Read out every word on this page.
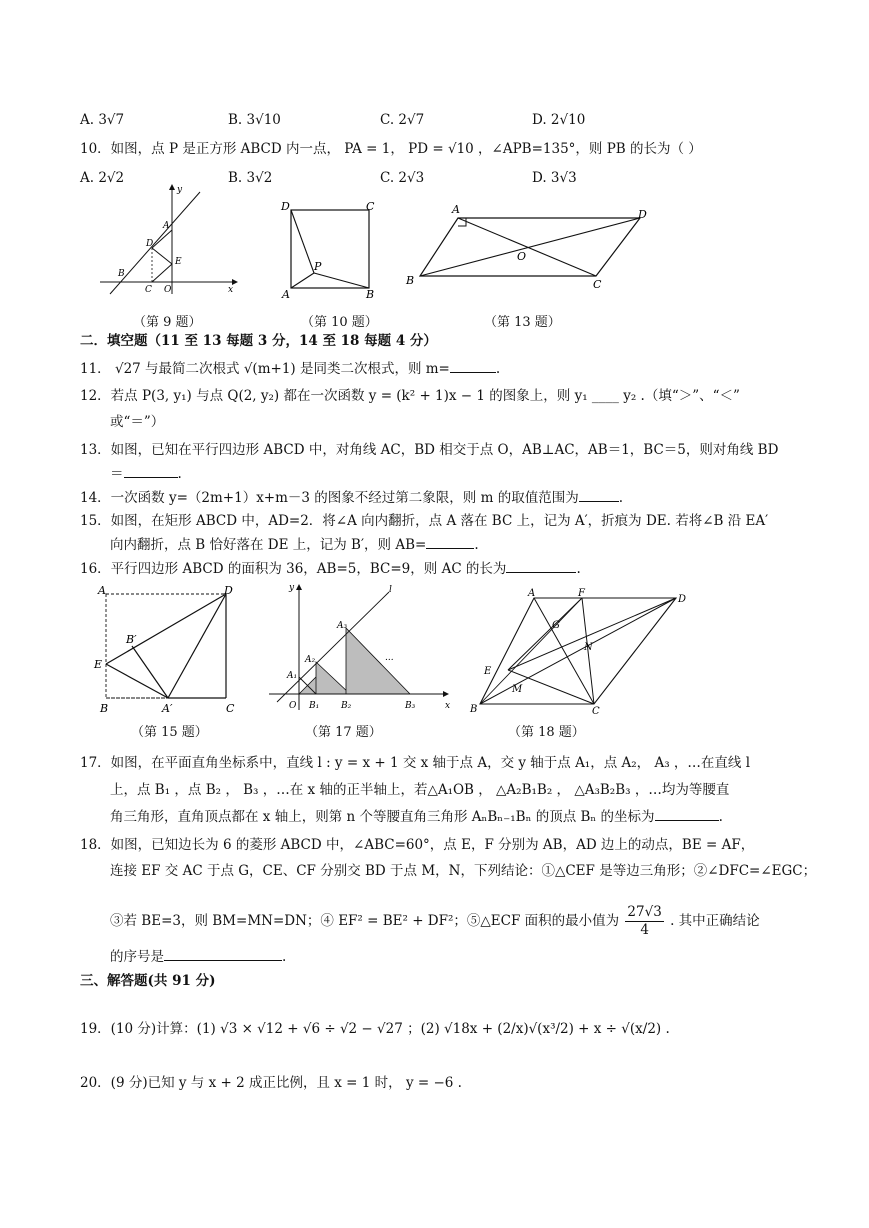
A. 3√7	B. 3√10	C. 2√7	D. 2√10
10．如图，点 P 是正方形 ABCD 内一点， PA = 1， PD = √10 ，∠APB=135°，则 PB 的长为（ ）
A. 2√2	B. 3√2	C. 2√3	D. 3√3
y
x
A
D
E
B
C O
（第 9 题）
D	C
A	B
P
（第 10 题）
A	D
B	C
O
（第 13 题）
二．填空题（11 至 13 每题 3 分，14 至 18 每题 4 分）
11． √27 与最简二次根式 √(m+1) 是同类二次根式，则 m=	.
12．若点 P(3, y₁) 与点 Q(2, y₂) 都在一次函数 y = (k² + 1)x − 1 的图象上，则 y₁ ____ y₂ .（填“＞”、“＜”
或“＝”）
13．如图，已知在平行四边形 ABCD 中，对角线 AC，BD 相交于点 O，AB⊥AC，AB＝1，BC＝5，则对角线 BD
＝	.
14．一次函数 y=（2m+1）x+m－3 的图象不经过第二象限，则 m 的取值范围为	.
15．如图，在矩形 ABCD 中，AD=2．将∠A 向内翻折，点 A 落在 BC 上，记为 A′，折痕为 DE. 若将∠B 沿 EA′
向内翻折，点 B 恰好落在 DE 上，记为 B′，则 AB=	.
16．平行四边形 ABCD 的面积为 36，AB=5，BC=9，则 AC 的长为	.
A	D
E
B′
B	A′	C
（第 15 题）
y
x
l
O
A₁
A₂
A₃
B₁ B₂	B₃
...
（第 17 题）
A	F
D
G
N
E
M
B	C
（第 18 题）
17．如图，在平面直角坐标系中，直线 l : y = x + 1 交 x 轴于点 A，交 y 轴于点 A₁，点 A₂， A₃ ，…在直线 l
上，点 B₁ ，点 B₂ ， B₃ ，…在 x 轴的正半轴上，若△A₁OB ， △A₂B₁B₂ ， △A₃B₂B₃ ，…均为等腰直
角三角形，直角顶点都在 x 轴上，则第 n 个等腰直角三角形 AₙBₙ₋₁Bₙ 的顶点 Bₙ 的坐标为	.
18．如图，已知边长为 6 的菱形 ABCD 中，∠ABC=60°，点 E，F 分别为 AB，AD 边上的动点，BE = AF，
连接 EF 交 AC 于点 G，CE、CF 分别交 BD 于点 M，N，下列结论：①△CEF 是等边三角形；②∠DFC=∠EGC；
③若 BE=3，则 BM=MN=DN；④ EF² = BE² + DF²；⑤△ECF 面积的最小值为 $\frac{27√3}{4}$ . 其中正确结论
的序号是	.
三、解答题(共 91 分)
19．(10 分)计算：(1) √3 × √12 + √6 ÷ √2 − √27 ；(2) √18x + (2/x)√(x³/2) + x ÷ √(x/2) .
20．(9 分)已知 y 与 x + 2 成正比例，且 x = 1 时， y = −6 .
